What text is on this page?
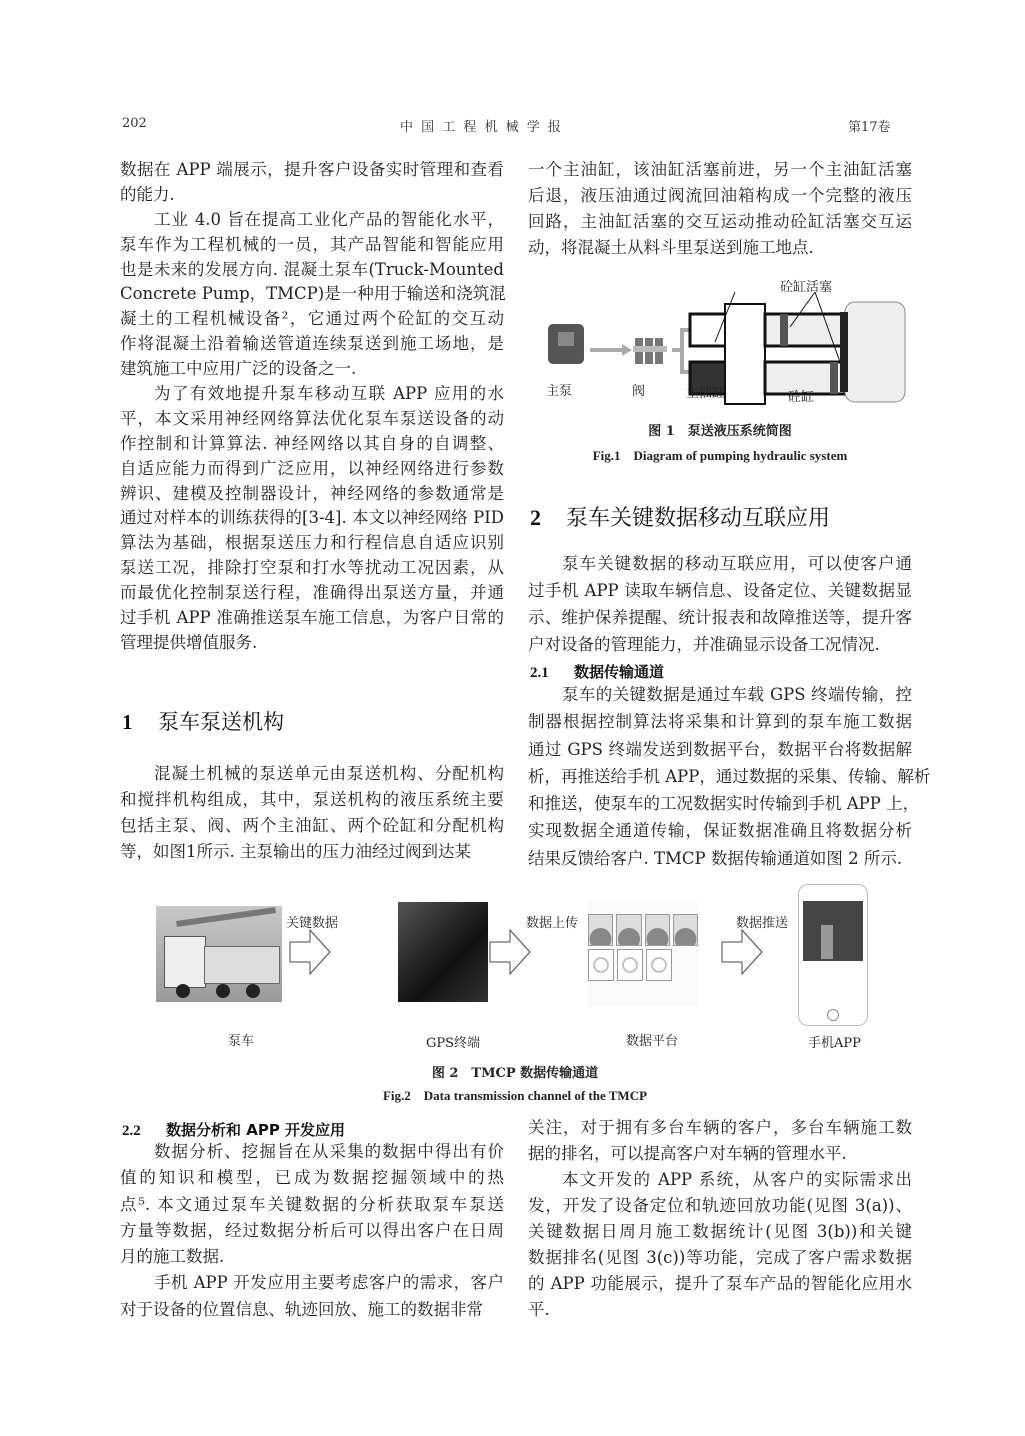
202	中 国 工 程 机 械 学 报	第17卷
数据在 APP 端展示，提升客户设备实时管理和查看
的能力.
工业 4.0 旨在提高工业化产品的智能化水平，
泵车作为工程机械的一员，其产品智能和智能应用
也是未来的发展方向. 混凝土泵车(Truck-Mounted
Concrete Pump，TMCP)是一种用于输送和浇筑混
凝土的工程机械设备²，它通过两个砼缸的交互动
作将混凝土沿着输送管道连续泵送到施工场地，是
建筑施工中应用广泛的设备之一.
为了有效地提升泵车移动互联 APP 应用的水
平，本文采用神经网络算法优化泵车泵送设备的动
作控制和计算算法. 神经网络以其自身的自调整、
自适应能力而得到广泛应用，以神经网络进行参数
辨识、建模及控制器设计，神经网络的参数通常是
通过对样本的训练获得的[3-4]. 本文以神经网络 PID
算法为基础，根据泵送压力和行程信息自适应识别
泵送工况，排除打空泵和打水等扰动工况因素，从
而最优化控制泵送行程，准确得出泵送方量，并通
过手机 APP 准确推送泵车施工信息，为客户日常的
管理提供增值服务.
1 泵车泵送机构
混凝土机械的泵送单元由泵送机构、分配机构
和搅拌机构组成，其中，泵送机构的液压系统主要
包括主泵、阀、两个主油缸、两个砼缸和分配机构
等，如图1所示. 主泵输出的压力油经过阀到达某
一个主油缸，该油缸活塞前进，另一个主油缸活塞
后退，液压油通过阀流回油箱构成一个完整的液压
回路，主油缸活塞的交互运动推动砼缸活塞交互运
动，将混凝土从料斗里泵送到施工地点.
主泵	阀	主油缸	砼缸
砼缸活塞
图 1　泵送液压系统简图
Fig.1　Diagram of pumping hydraulic system
2 泵车关键数据移动互联应用
泵车关键数据的移动互联应用，可以使客户通
过手机 APP 读取车辆信息、设备定位、关键数据显
示、维护保养提醒、统计报表和故障推送等，提升客
户对设备的管理能力，并准确显示设备工况情况.
2.1 数据传输通道
泵车的关键数据是通过车载 GPS 终端传输，控
制器根据控制算法将采集和计算到的泵车施工数据
通过 GPS 终端发送到数据平台，数据平台将数据解
析，再推送给手机 APP，通过数据的采集、传输、解析
和推送，使泵车的工况数据实时传输到手机 APP 上，
实现数据全通道传输，保证数据准确且将数据分析
结果反馈给客户. TMCP 数据传输通道如图 2 所示.
关键数据	数据上传	数据推送
泵车	GPS终端	数据平台	手机APP
图 2　TMCP 数据传输通道
Fig.2　Data transmission channel of the TMCP
2.2 数据分析和 APP 开发应用
数据分析、挖掘旨在从采集的数据中得出有价
值的知识和模型，已成为数据挖掘领域中的热
点⁵. 本文通过泵车关键数据的分析获取泵车泵送
方量等数据，经过数据分析后可以得出客户在日周
月的施工数据.
手机 APP 开发应用主要考虑客户的需求，客户
对于设备的位置信息、轨迹回放、施工的数据非常
关注，对于拥有多台车辆的客户，多台车辆施工数
据的排名，可以提高客户对车辆的管理水平.
本文开发的 APP 系统，从客户的实际需求出
发，开发了设备定位和轨迹回放功能(见图 3(a))、
关键数据日周月施工数据统计(见图 3(b))和关键
数据排名(见图 3(c))等功能，完成了客户需求数据
的 APP 功能展示，提升了泵车产品的智能化应用水
平.
